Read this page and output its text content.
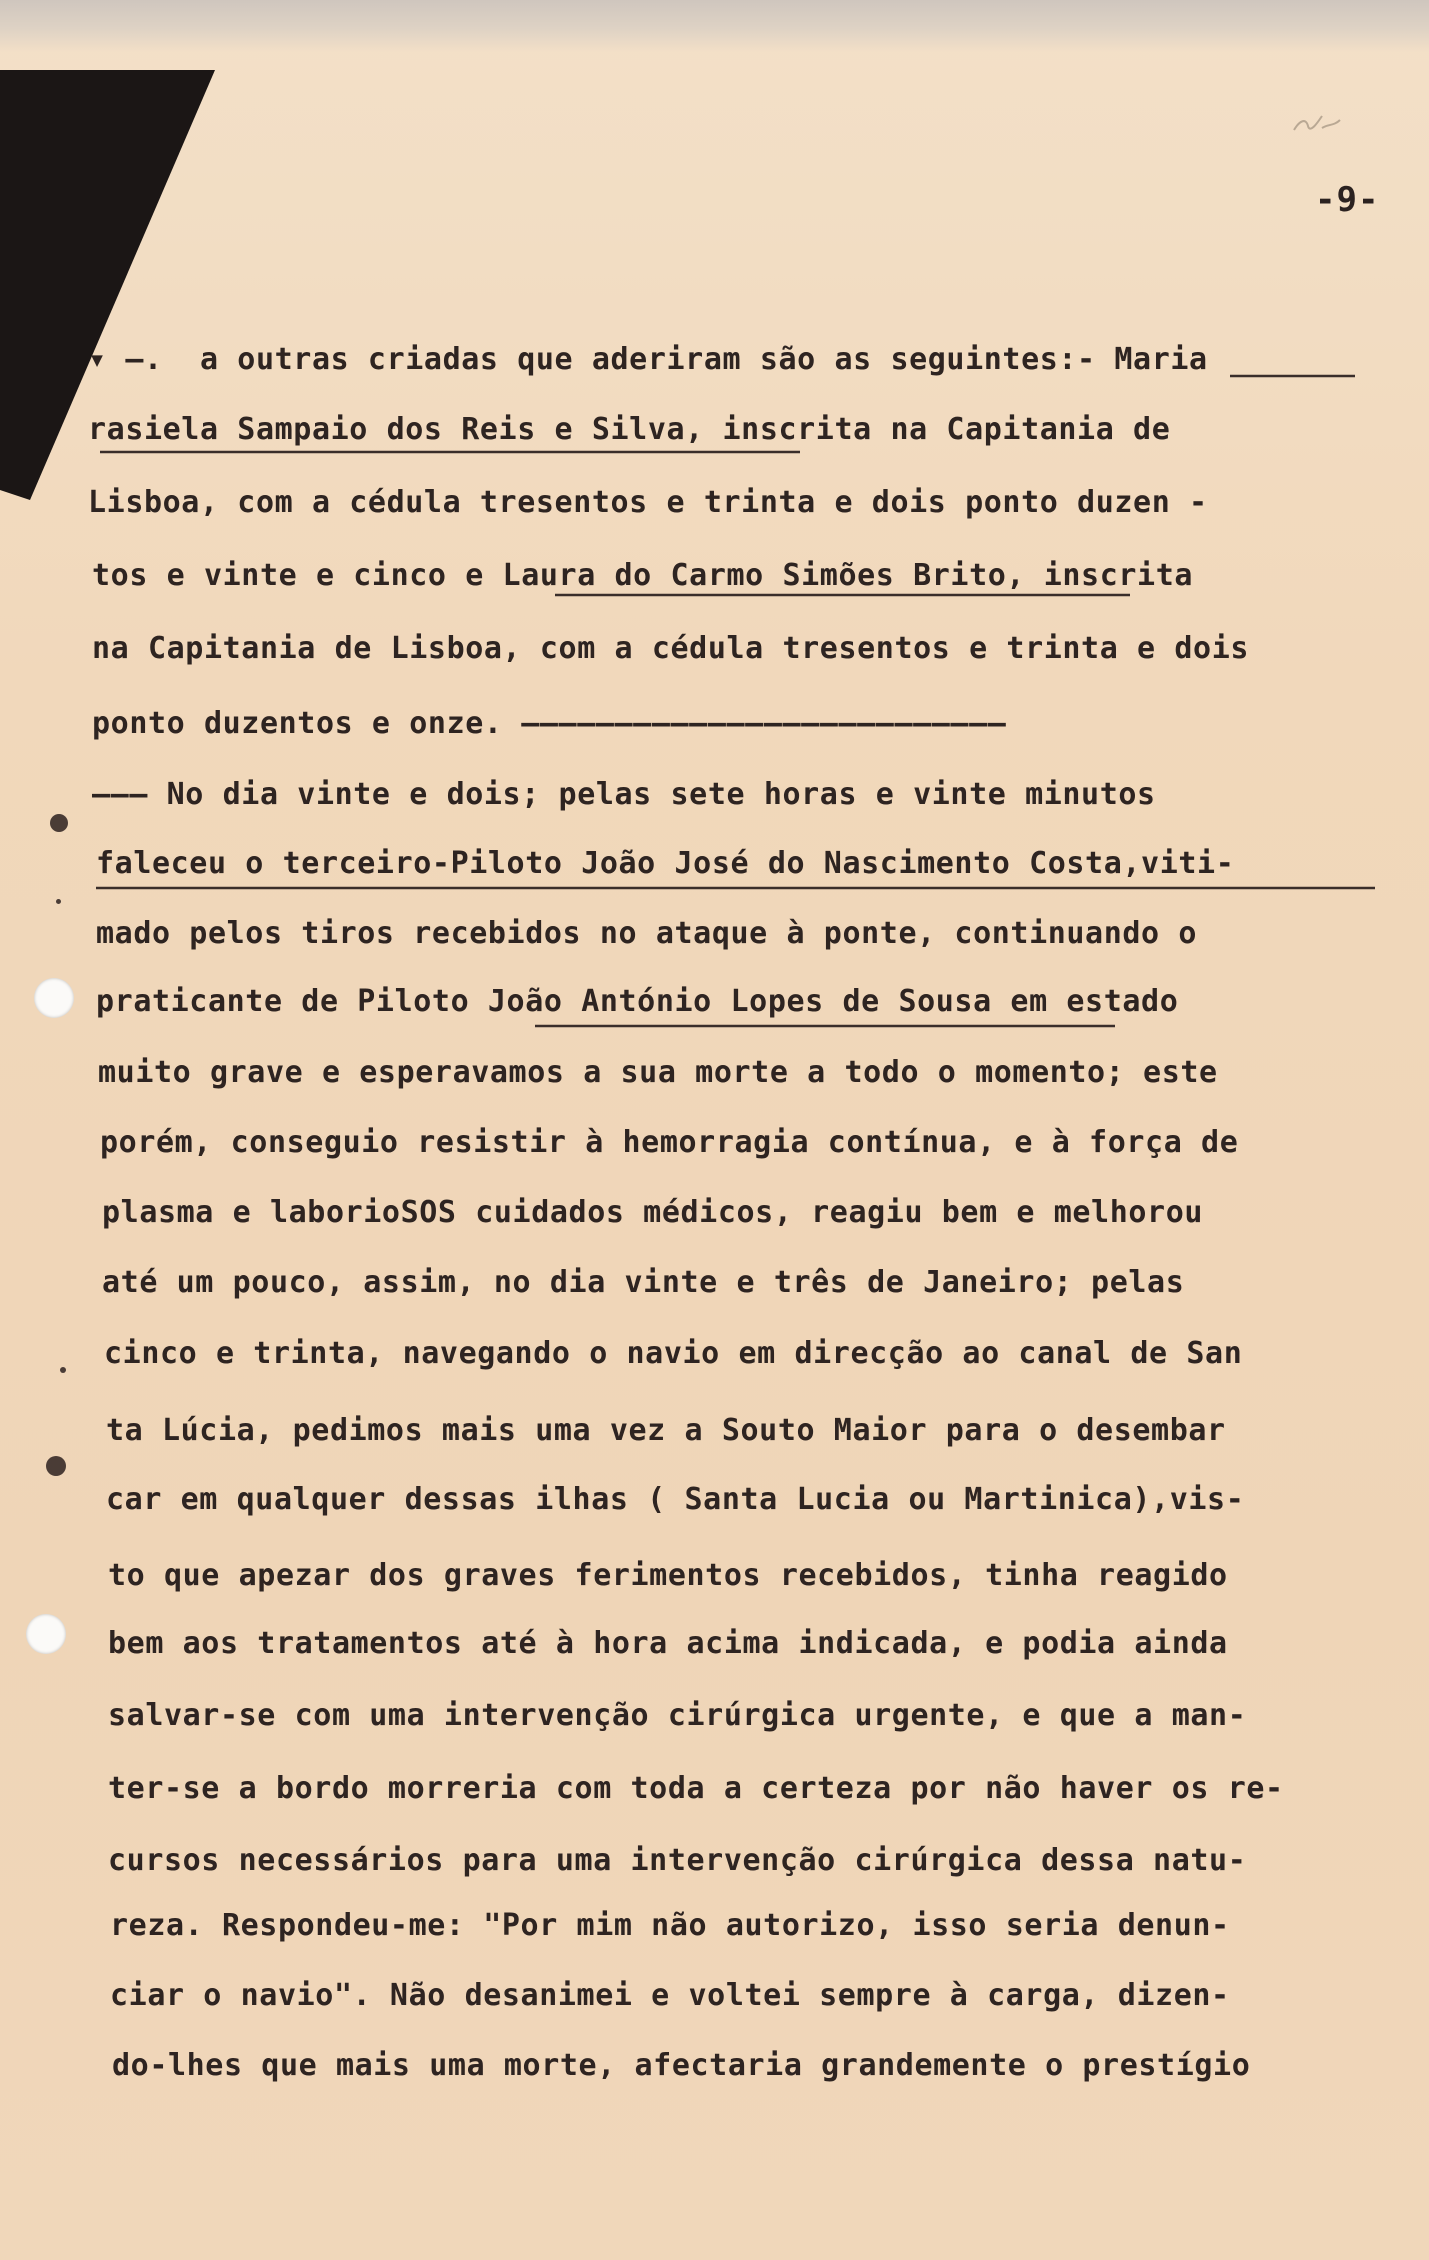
-9-
▾ —.  a outras criadas que aderiram são as seguintes:- Maria
rasiela Sampaio dos Reis e Silva, inscrita na Capitania de
Lisboa, com a cédula tresentos e trinta e dois ponto duzen -
tos e vinte e cinco e Laura do Carmo Simões Brito, inscrita
na Capitania de Lisboa, com a cédula tresentos e trinta e dois
ponto duzentos e onze. ——————————————————————————
——— No dia vinte e dois; pelas sete horas e vinte minutos
faleceu o terceiro-Piloto João José do Nascimento Costa,viti-
mado pelos tiros recebidos no ataque à ponte, continuando o
praticante de Piloto João António Lopes de Sousa em estado
muito grave e esperavamos a sua morte a todo o momento; este
porém, conseguio resistir à hemorragia contínua, e à força de
plasma e laborioSOS cuidados médicos, reagiu bem e melhorou
até um pouco, assim, no dia vinte e três de Janeiro; pelas
cinco e trinta, navegando o navio em direcção ao canal de San
ta Lúcia, pedimos mais uma vez a Souto Maior para o desembar
car em qualquer dessas ilhas ( Santa Lucia ou Martinica),vis-
to que apezar dos graves ferimentos recebidos, tinha reagido
bem aos tratamentos até à hora acima indicada, e podia ainda
salvar-se com uma intervenção cirúrgica urgente, e que a man-
ter-se a bordo morreria com toda a certeza por não haver os re-
cursos necessários para uma intervenção cirúrgica dessa natu-
reza. Respondeu-me: "Por mim não autorizo, isso seria denun-
ciar o navio". Não desanimei e voltei sempre à carga, dizen-
do-lhes que mais uma morte, afectaria grandemente o prestígio
